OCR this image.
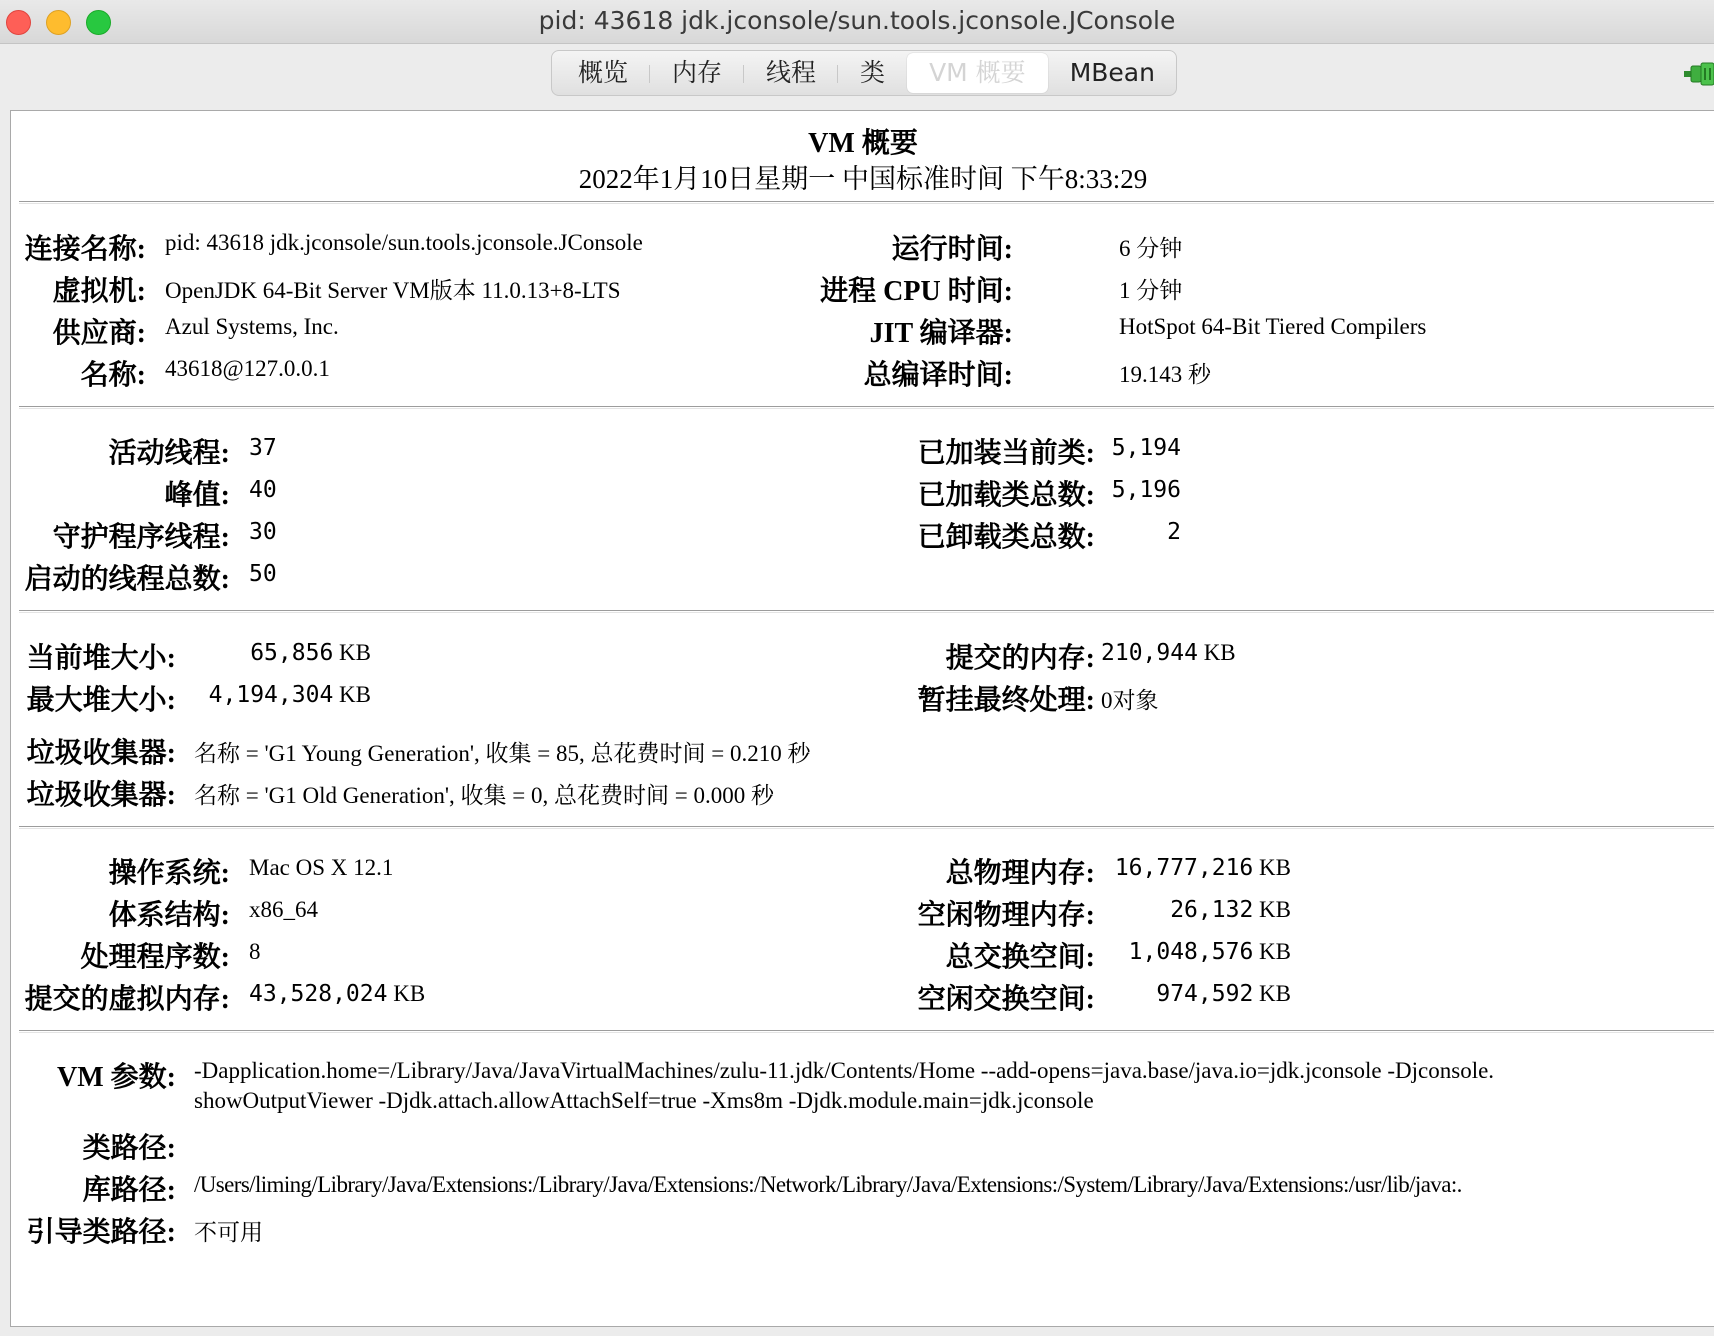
pid: 43618 jdk.jconsole/sun.tools.jconsole.JConsole
概览	内存	线程	类	VM 概要	MBean
VM 概要
2022年1月10日星期一 中国标准时间 下午8:33:29
连接名称: pid: 43618 jdk.jconsole/sun.tools.jconsole.JConsole
虚拟机: OpenJDK 64-Bit Server VM版本 11.0.13+8-LTS
供应商: Azul Systems, Inc.
名称: 43618@127.0.0.1
运行时间:	6 分钟
进程 CPU 时间:	1 分钟
JIT 编译器:	HotSpot 64-Bit Tiered Compilers
总编译时间:	19.143 秒
活动线程: 37
峰值: 40
守护程序线程: 30
启动的线程总数: 50
已加装当前类: 5,194
已加载类总数: 5,196
已卸载类总数:	2
当前堆大小:	65,856 KB
最大堆大小:	4,194,304 KB
提交的内存: 210,944 KB
暂挂最终处理: 0对象
垃圾收集器: 名称 = 'G1 Young Generation', 收集 = 85, 总花费时间 = 0.210 秒
垃圾收集器: 名称 = 'G1 Old Generation', 收集 = 0, 总花费时间 = 0.000 秒
操作系统: Mac OS X 12.1
体系结构: x86_64
处理程序数: 8
提交的虚拟内存: 43,528,024 KB
总物理内存: 16,777,216 KB
空闲物理内存:	26,132 KB
总交换空间:	1,048,576 KB
空闲交换空间:	974,592 KB
VM 参数: -Dapplication.home=/Library/Java/JavaVirtualMachines/zulu-11.jdk/Contents/Home --add-opens=java.base/java.io=jdk.jconsole -Djconsole. showOutputViewer -Djdk.attach.allowAttachSelf=true -Xms8m -Djdk.module.main=jdk.jconsole
类路径:
库路径: /Users/liming/Library/Java/Extensions:/Library/Java/Extensions:/Network/Library/Java/Extensions:/System/Library/Java/Extensions:/usr/lib/java:.
引导类路径: 不可用
